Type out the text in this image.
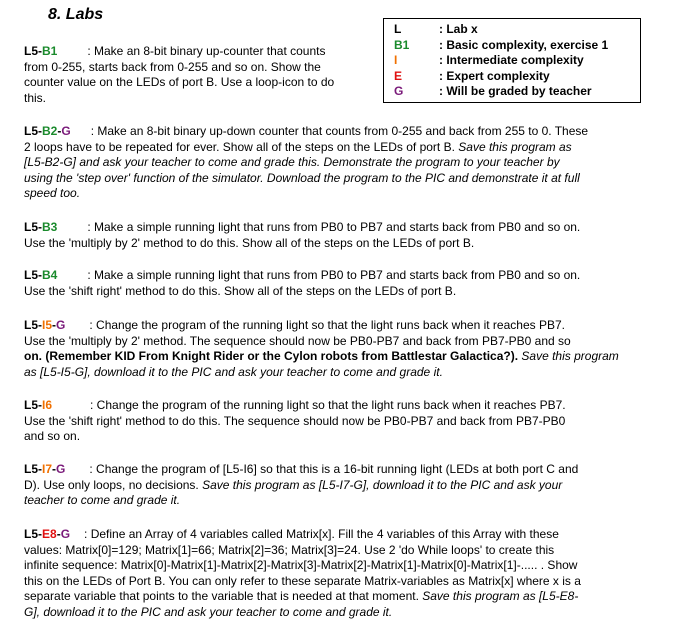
8. Labs
L	: Lab x
B1	: Basic complexity, exercise 1
I	: Intermediate complexity
E	: Expert complexity
G	: Will be graded by teacher
L5-B1	: Make an 8-bit binary up-counter that counts
from 0-255, starts back from 0-255 and so on. Show the
counter value on the LEDs of port B. Use a loop-icon to do
this.
L5-B2-G : Make an 8-bit binary up-down counter that counts from 0-255 and back from 255 to 0. These
2 loops have to be repeated for ever. Show all of the steps on the LEDs of port B. Save this program as
[L5-B2-G] and ask your teacher to come and grade this. Demonstrate the program to your teacher by
using the 'step over' function of the simulator. Download the program to the PIC and demonstrate it at full
speed too.
L5-B3	: Make a simple running light that runs from PB0 to PB7 and starts back from PB0 and so on.
Use the 'multiply by 2' method to do this. Show all of the steps on the LEDs of port B.
L5-B4	: Make a simple running light that runs from PB0 to PB7 and starts back from PB0 and so on.
Use the 'shift right' method to do this. Show all of the steps on the LEDs of port B.
L5-I5-G : Change the program of the running light so that the light runs back when it reaches PB7.
Use the 'multiply by 2' method. The sequence should now be PB0-PB7 and back from PB7-PB0 and so
on. (Remember KID From Knight Rider or the Cylon robots from Battlestar Galactica?). Save this program
as [L5-I5-G], download it to the PIC and ask your teacher to come and grade it.
L5-I6	: Change the program of the running light so that the light runs back when it reaches PB7.
Use the 'shift right' method to do this. The sequence should now be PB0-PB7 and back from PB7-PB0
and so on.
L5-I7-G : Change the program of [L5-I6] so that this is a 16-bit running light (LEDs at both port C and
D). Use only loops, no decisions. Save this program as [L5-I7-G], download it to the PIC and ask your
teacher to come and grade it.
L5-E8-G : Define an Array of 4 variables called Matrix[x]. Fill the 4 variables of this Array with these
values: Matrix[0]=129; Matrix[1]=66; Matrix[2]=36; Matrix[3]=24. Use 2 'do While loops' to create this
infinite sequence: Matrix[0]-Matrix[1]-Matrix[2]-Matrix[3]-Matrix[2]-Matrix[1]-Matrix[0]-Matrix[1]-..... . Show
this on the LEDs of Port B. You can only refer to these separate Matrix-variables as Matrix[x] where x is a
separate variable that points to the variable that is needed at that moment. Save this program as [L5-E8-
G], download it to the PIC and ask your teacher to come and grade it.
